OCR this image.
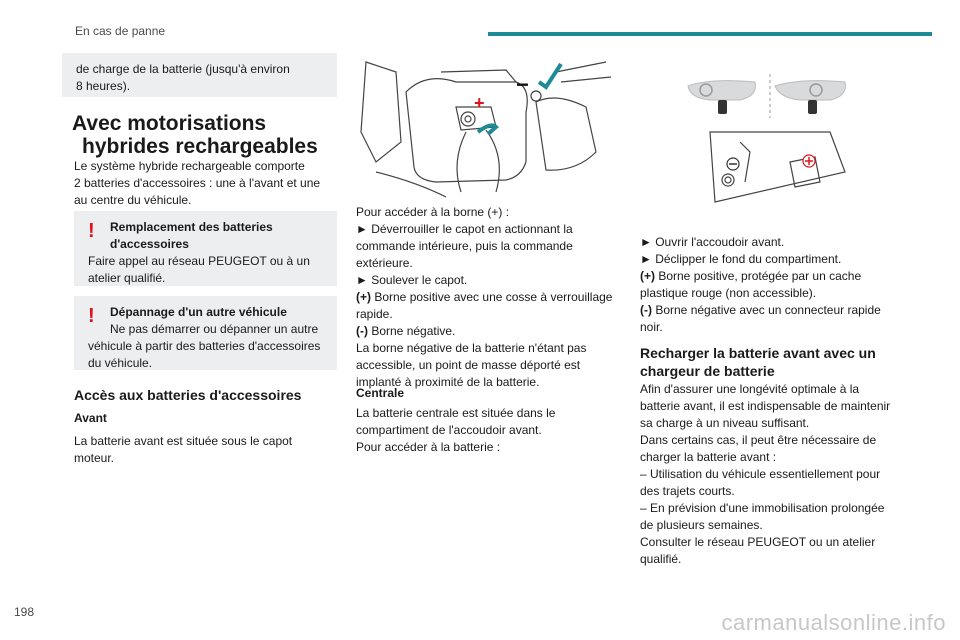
En cas de panne
de charge de la batterie (jusqu'à environ
8 heures).
Avec motorisations
hybrides rechargeables
Le système hybride rechargeable comporte
2 batteries d'accessoires : une à l'avant et une
au centre du véhicule.
!	Remplacement des batteries
d'accessoires
Faire appel au réseau PEUGEOT ou à un
atelier qualifié.
!	Dépannage d'un autre véhicule
Ne pas démarrer ou dépanner un autre
véhicule à partir des batteries d'accessoires
du véhicule.
Accès aux batteries d'accessoires
Avant
La batterie avant est située sous le capot
moteur.
−
+
Pour accéder à la borne (+) :
► Déverrouiller le capot en actionnant la
commande intérieure, puis la commande
extérieure.
► Soulever le capot.
(+) Borne positive avec une cosse à verrouillage
rapide.
(-) Borne négative.
La borne négative de la batterie n'étant pas
accessible, un point de masse déporté est
implanté à proximité de la batterie.
Centrale
La batterie centrale est située dans le
compartiment de l'accoudoir avant.
Pour accéder à la batterie :
► Ouvrir l'accoudoir avant.
► Déclipper le fond du compartiment.
(+) Borne positive, protégée par un cache
plastique rouge (non accessible).
(-) Borne négative avec un connecteur rapide
noir.
Recharger la batterie avant avec un
chargeur de batterie
Afin d'assurer une longévité optimale à la
batterie avant, il est indispensable de maintenir
sa charge à un niveau suffisant.
Dans certains cas, il peut être nécessaire de
charger la batterie avant :
– Utilisation du véhicule essentiellement pour
des trajets courts.
– En prévision d'une immobilisation prolongée
de plusieurs semaines.
Consulter le réseau PEUGEOT ou un atelier
qualifié.
198	carmanualsonline.info
